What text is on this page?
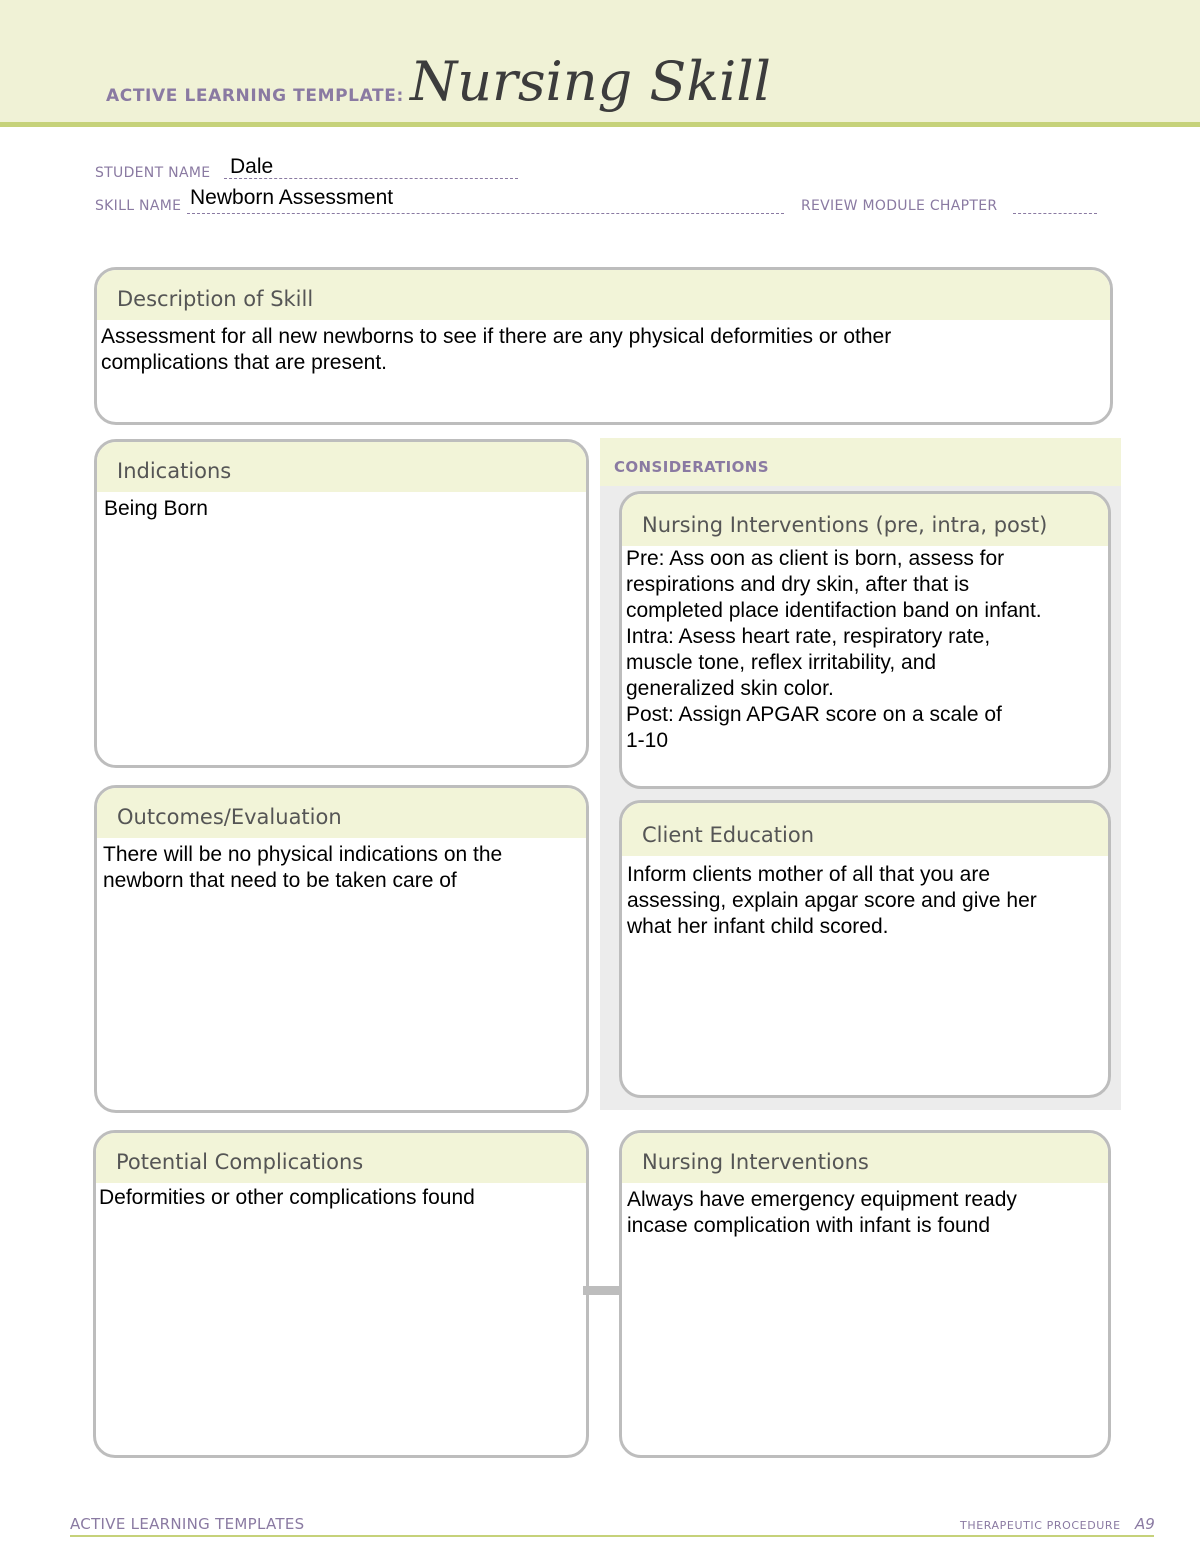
ACTIVE LEARNING TEMPLATE: Nursing Skill
STUDENT NAME Dale
SKILL NAME Newborn Assessment	REVIEW MODULE CHAPTER
Description of Skill
Assessment for all new newborns to see if there are any physical deformities or other
complications that are present.
CONSIDERATIONS
Indications
Being Born
Outcomes/Evaluation
There will be no physical indications on the
newborn that need to be taken care of
Nursing Interventions (pre, intra, post)
Pre: Ass oon as client is born, assess for
respirations and dry skin, after that is
completed place identifaction band on infant.
Intra: Asess heart rate, respiratory rate,
muscle tone, reflex irritability, and
generalized skin color.
Post: Assign APGAR score on a scale of
1-10
Client Education
Inform clients mother of all that you are
assessing, explain apgar score and give her
what her infant child scored.
Potential Complications
Deformities or other complications found
Nursing Interventions
Always have emergency equipment ready
incase complication with infant is found
ACTIVE LEARNING TEMPLATES	THERAPEUTIC PROCEDURE A9
